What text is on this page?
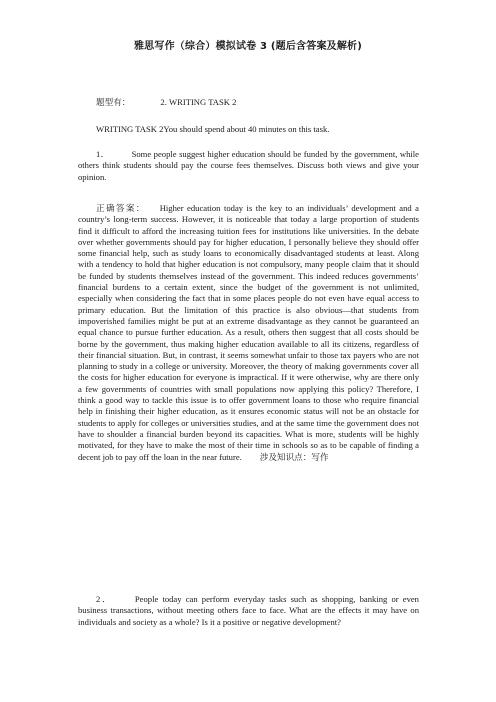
雅思写作（综合）模拟试卷 3 (题后含答案及解析)
题型有：	2. WRITING TASK 2
WRITING TASK 2You should spend about 40 minutes on this task.

1．	Some people suggest higher education should be funded by the government, while others think students should pay the course fees themselves. Discuss both views and give your opinion.

正确答案： Higher education today is the key to an individuals’ development and a country’s long-term success. However, it is noticeable that today a large proportion of students find it difficult to afford the increasing tuition fees for institutions like universities. In the debate over whether governments should pay for higher education, I personally believe they should offer some financial help, such as study loans to economically disadvantaged students at least. Along with a tendency to hold that higher education is not compulsory, many people claim that it should be funded by students themselves instead of the government. This indeed reduces governments’ financial burdens to a certain extent, since the budget of the government is not unlimited, especially when considering the fact that in some places people do not even have equal access to primary education. But the limitation of this practice is also obvious—that students from impoverished families might be put at an extreme disadvantage as they cannot be guaranteed an equal chance to pursue further education. As a result, others then suggest that all costs should be borne by the government, thus making higher education available to all its citizens, regardless of their financial situation. But, in contrast, it seems somewhat unfair to those tax payers who are not planning to study in a college or university. Moreover, the theory of making governments cover all the costs for higher education for everyone is impractical. If it were otherwise, why are there only a few governments of countries with small populations now applying this policy? Therefore, I think a good way to tackle this issue is to offer government loans to those who require financial help in finishing their higher education, as it ensures economic status will not be an obstacle for students to apply for colleges or universities studies, and at the same time the government does not have to shoulder a financial burden beyond its capacities. What is more, students will be highly motivated, for they have to make the most of their time in schools so as to be capable of finding a decent job to pay off the loan in the near future. 涉及知识点：写作

2．	People today can perform everyday tasks such as shopping, banking or even business transactions, without meeting others face to face. What are the effects it may have on individuals and society as a whole? Is it a positive or negative development?
